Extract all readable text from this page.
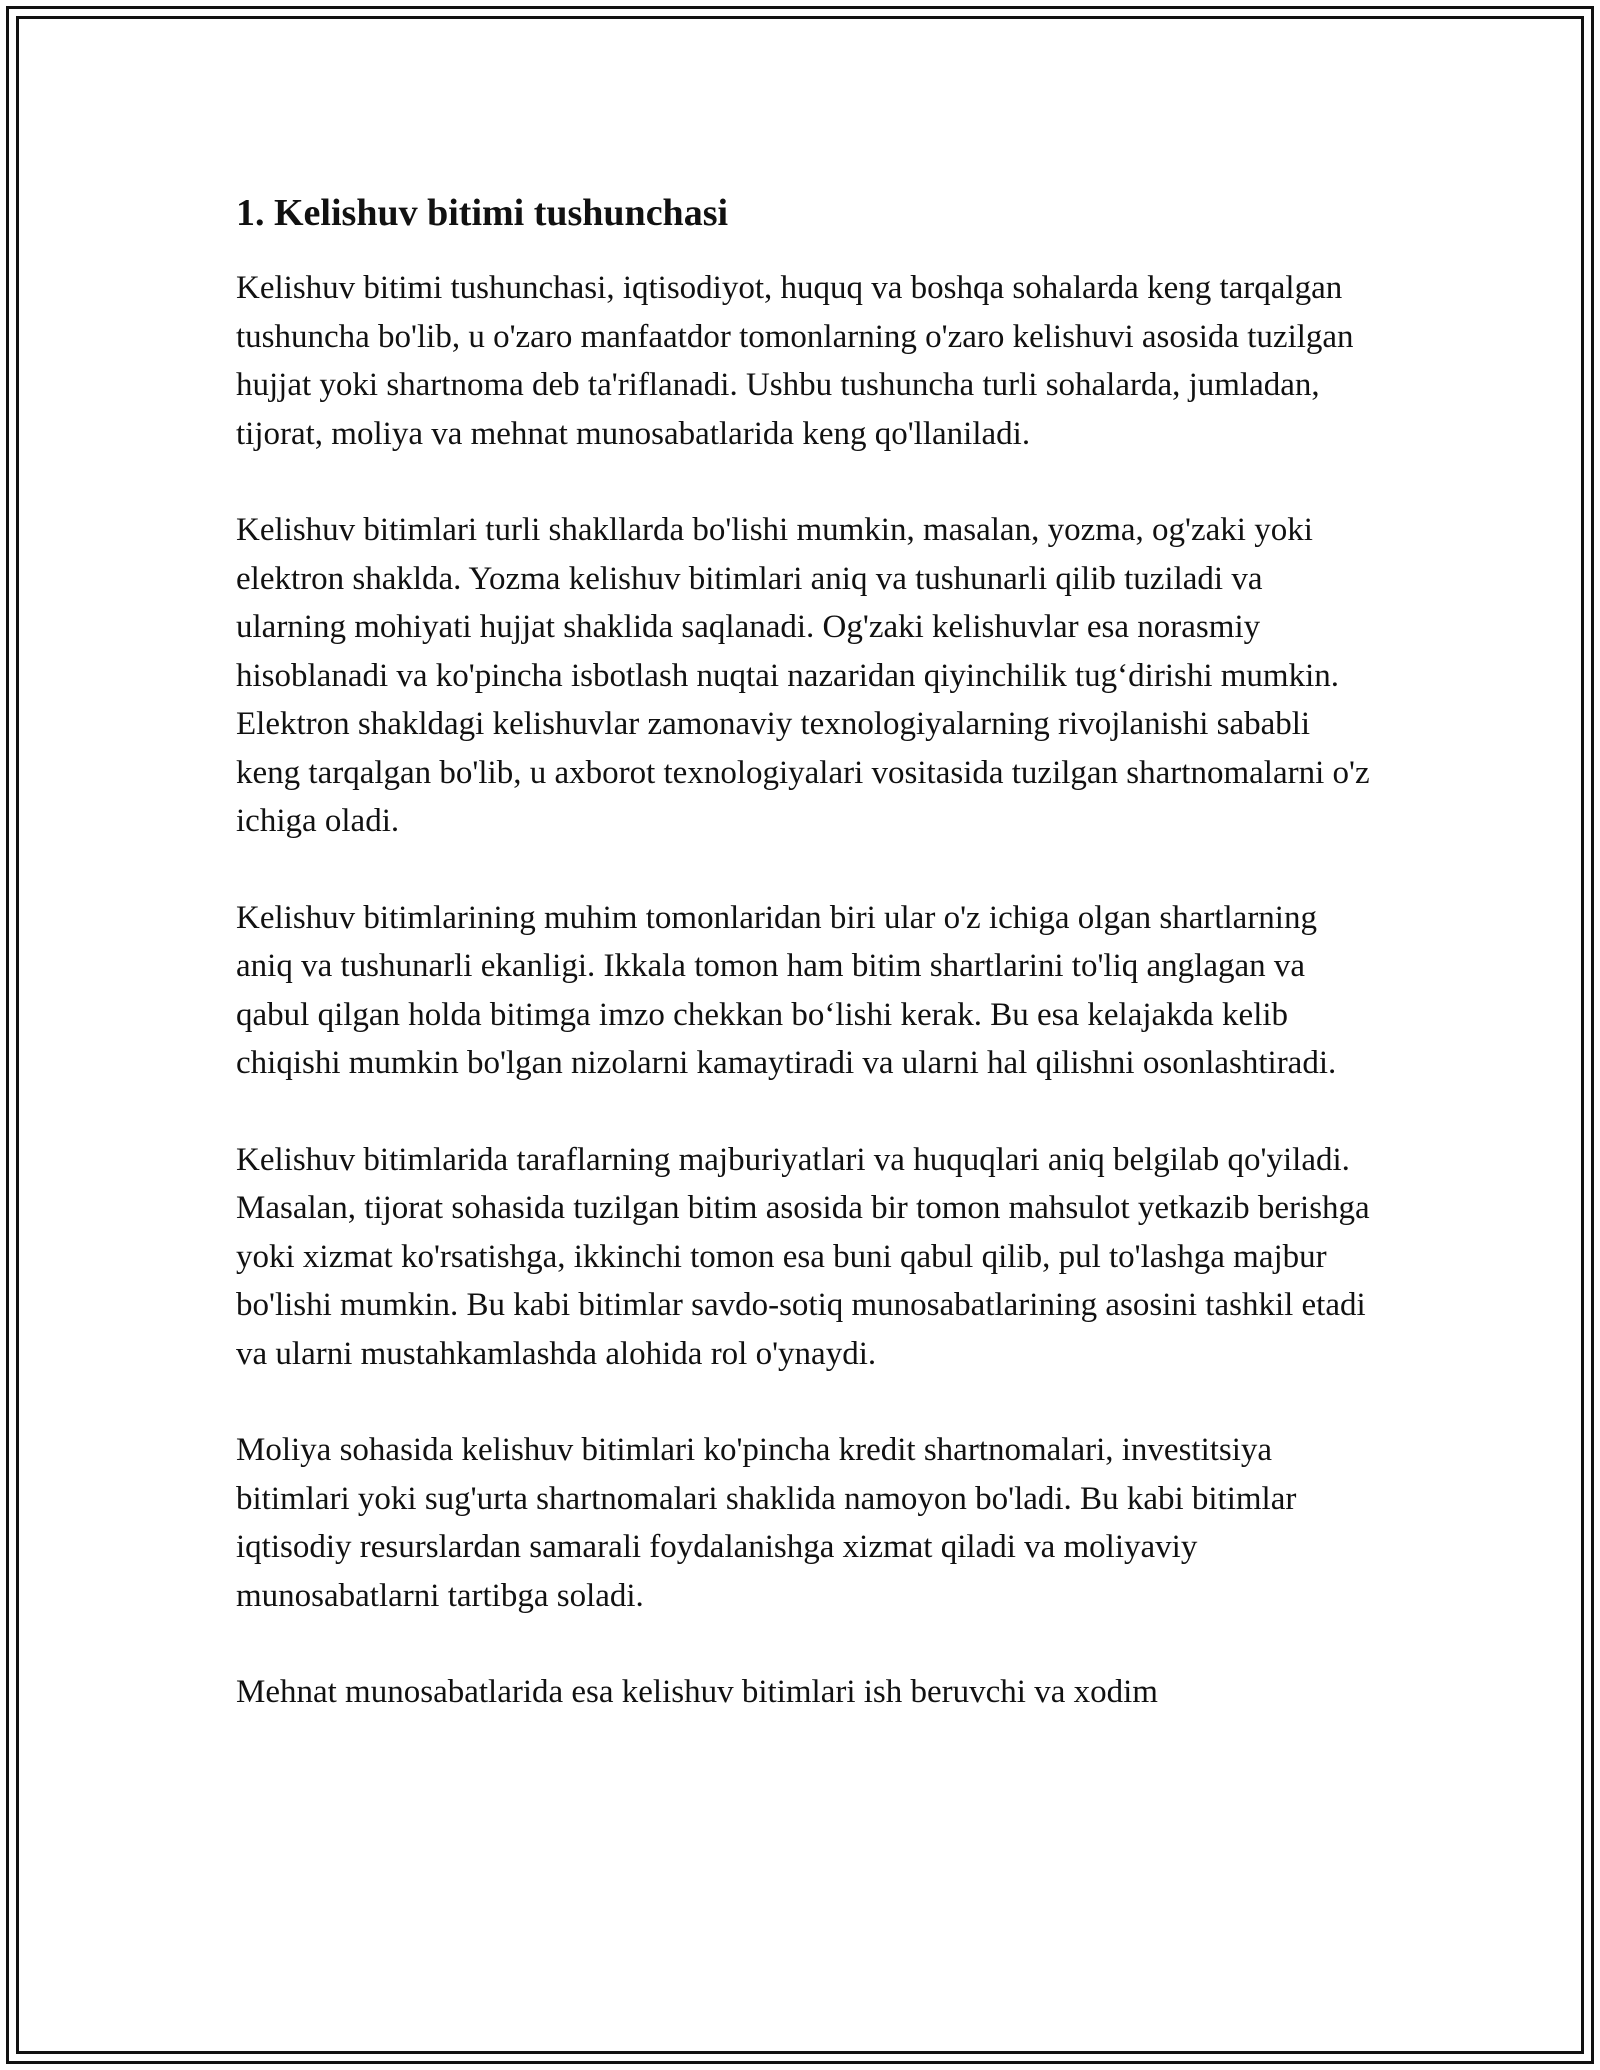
1. Kelishuv bitimi tushunchasi

Kelishuv bitimi tushunchasi, iqtisodiyot, huquq va boshqa sohalarda keng tarqalgan tushuncha bo'lib, u o'zaro manfaatdor tomonlarning o'zaro kelishuvi asosida tuzilgan hujjat yoki shartnoma deb ta'riflanadi. Ushbu tushuncha turli sohalarda, jumladan, tijorat, moliya va mehnat munosabatlarida keng qo'llaniladi.

Kelishuv bitimlari turli shakllarda bo'lishi mumkin, masalan, yozma, og'zaki yoki elektron shaklda. Yozma kelishuv bitimlari aniq va tushunarli qilib tuziladi va ularning mohiyati hujjat shaklida saqlanadi. Og'zaki kelishuvlar esa norasmiy hisoblanadi va ko'pincha isbotlash nuqtai nazaridan qiyinchilik tug‘dirishi mumkin. Elektron shakldagi kelishuvlar zamonaviy texnologiyalarning rivojlanishi sababli keng tarqalgan bo'lib, u axborot texnologiyalari vositasida tuzilgan shartnomalarni o'z ichiga oladi.

Kelishuv bitimlarining muhim tomonlaridan biri ular o'z ichiga olgan shartlarning aniq va tushunarli ekanligi. Ikkala tomon ham bitim shartlarini to'liq anglagan va qabul qilgan holda bitimga imzo chekkan bo‘lishi kerak. Bu esa kelajakda kelib chiqishi mumkin bo'lgan nizolarni kamaytiradi va ularni hal qilishni osonlashtiradi.

Kelishuv bitimlarida taraflarning majburiyatlari va huquqlari aniq belgilab qo'yiladi. Masalan, tijorat sohasida tuzilgan bitim asosida bir tomon mahsulot yetkazib berishga yoki xizmat ko'rsatishga, ikkinchi tomon esa buni qabul qilib, pul to'lashga majbur bo'lishi mumkin. Bu kabi bitimlar savdo-sotiq munosabatlarining asosini tashkil etadi va ularni mustahkamlashda alohida rol o'ynaydi.

Moliya sohasida kelishuv bitimlari ko'pincha kredit shartnomalari, investitsiya bitimlari yoki sug'urta shartnomalari shaklida namoyon bo'ladi. Bu kabi bitimlar iqtisodiy resurslardan samarali foydalanishga xizmat qiladi va moliyaviy munosabatlarni tartibga soladi.

Mehnat munosabatlarida esa kelishuv bitimlari ish beruvchi va xodim
